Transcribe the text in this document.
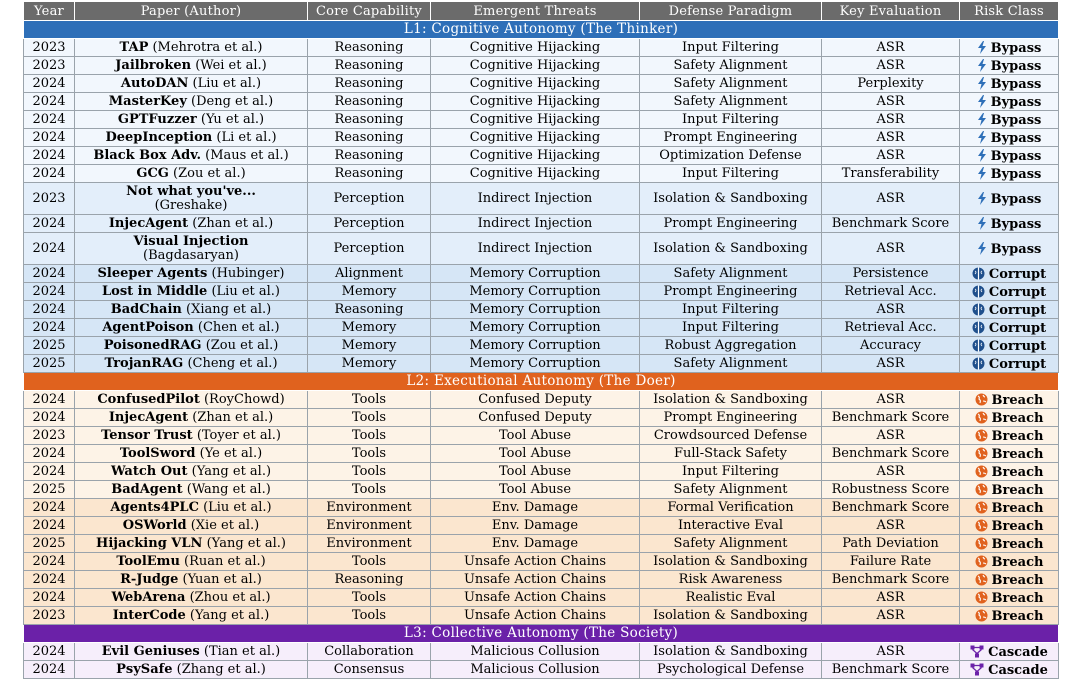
Year	Paper (Author)	Core Capability	Emergent Threats	Defense Paradigm	Key Evaluation	Risk Class
L1: Cognitive Autonomy (The Thinker)						
2023	TAP (Mehrotra et al.)	Reasoning	Cognitive Hijacking	Input Filtering	ASR	Bypass
2023	Jailbroken (Wei et al.)	Reasoning	Cognitive Hijacking	Safety Alignment	ASR	Bypass
2024	AutoDAN (Liu et al.)	Reasoning	Cognitive Hijacking	Safety Alignment	Perplexity	Bypass
2024	MasterKey (Deng et al.)	Reasoning	Cognitive Hijacking	Safety Alignment	ASR	Bypass
2024	GPTFuzzer (Yu et al.)	Reasoning	Cognitive Hijacking	Input Filtering	ASR	Bypass
2024	DeepInception (Li et al.)	Reasoning	Cognitive Hijacking	Prompt Engineering	ASR	Bypass
2024	Black Box Adv. (Maus et al.)	Reasoning	Cognitive Hijacking	Optimization Defense	ASR	Bypass
2024	GCG (Zou et al.)	Reasoning	Cognitive Hijacking	Input Filtering	Transferability	Bypass
2023	Not what you've...
(Greshake)	Perception	Indirect Injection	Isolation & Sandboxing	ASR	Bypass
2024	InjecAgent (Zhan et al.)	Perception	Indirect Injection	Prompt Engineering	Benchmark Score	Bypass
2024	Visual Injection
(Bagdasaryan)	Perception	Indirect Injection	Isolation & Sandboxing	ASR	Bypass
2024	Sleeper Agents (Hubinger)	Alignment	Memory Corruption	Safety Alignment	Persistence	Corrupt
2024	Lost in Middle (Liu et al.)	Memory	Memory Corruption	Prompt Engineering	Retrieval Acc.	Corrupt
2024	BadChain (Xiang et al.)	Reasoning	Memory Corruption	Input Filtering	ASR	Corrupt
2024	AgentPoison (Chen et al.)	Memory	Memory Corruption	Input Filtering	Retrieval Acc.	Corrupt
2025	PoisonedRAG (Zou et al.)	Memory	Memory Corruption	Robust Aggregation	Accuracy	Corrupt
2025	TrojanRAG (Cheng et al.)	Memory	Memory Corruption	Safety Alignment	ASR	Corrupt
L2: Executional Autonomy (The Doer)						
2024	ConfusedPilot (RoyChowd)	Tools	Confused Deputy	Isolation & Sandboxing	ASR	Breach
2024	InjecAgent (Zhan et al.)	Tools	Confused Deputy	Prompt Engineering	Benchmark Score	Breach
2023	Tensor Trust (Toyer et al.)	Tools	Tool Abuse	Crowdsourced Defense	ASR	Breach
2024	ToolSword (Ye et al.)	Tools	Tool Abuse	Full-Stack Safety	Benchmark Score	Breach
2024	Watch Out (Yang et al.)	Tools	Tool Abuse	Input Filtering	ASR	Breach
2025	BadAgent (Wang et al.)	Tools	Tool Abuse	Safety Alignment	Robustness Score	Breach
2024	Agents4PLC (Liu et al.)	Environment	Env. Damage	Formal Verification	Benchmark Score	Breach
2024	OSWorld (Xie et al.)	Environment	Env. Damage	Interactive Eval	ASR	Breach
2025	Hijacking VLN (Yang et al.)	Environment	Env. Damage	Safety Alignment	Path Deviation	Breach
2024	ToolEmu (Ruan et al.)	Tools	Unsafe Action Chains	Isolation & Sandboxing	Failure Rate	Breach
2024	R-Judge (Yuan et al.)	Reasoning	Unsafe Action Chains	Risk Awareness	Benchmark Score	Breach
2024	WebArena (Zhou et al.)	Tools	Unsafe Action Chains	Realistic Eval	ASR	Breach
2023	InterCode (Yang et al.)	Tools	Unsafe Action Chains	Isolation & Sandboxing	ASR	Breach
L3: Collective Autonomy (The Society)						
2024	Evil Geniuses (Tian et al.)	Collaboration	Malicious Collusion	Isolation & Sandboxing	ASR	Cascade
2024	PsySafe (Zhang et al.)	Consensus	Malicious Collusion	Psychological Defense	Benchmark Score	Cascade
